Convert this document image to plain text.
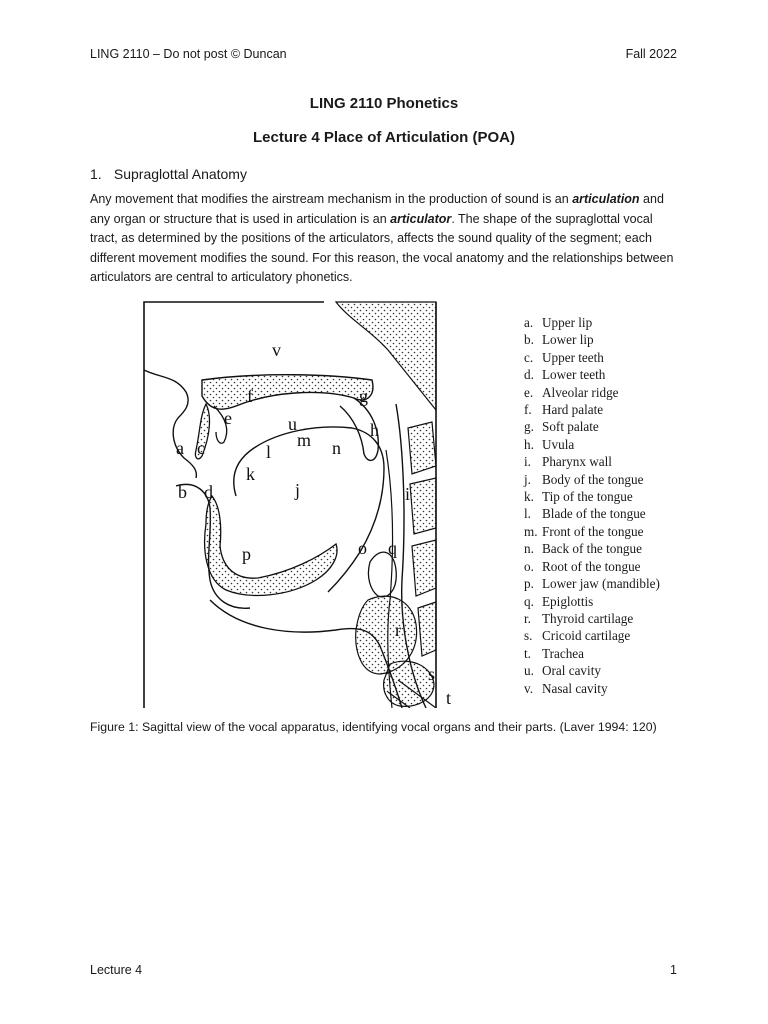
LING 2110 – Do not post © Duncan	Fall 2022
LING 2110 Phonetics
Lecture 4 Place of Articulation (POA)
1. Supraglottal Anatomy
Any movement that modifies the airstream mechanism in the production of sound is an articulation and any organ or structure that is used in articulation is an articulator. The shape of the supraglottal vocal tract, as determined by the positions of the articulators, affects the sound quality of the segment; each different movement modifies the sound. For this reason, the vocal anatomy and the relationships between articulators are central to articulatory phonetics.
v
f	g
e	u	h
m
a c	l	n
k
b d	j	i
p	o q
r
s
t
a. Upper lip
b. Lower lip
c. Upper teeth
d. Lower teeth
e. Alveolar ridge
f. Hard palate
g. Soft palate
h. Uvula
i. Pharynx wall
j. Body of the tongue
k. Tip of the tongue
l. Blade of the tongue
m. Front of the tongue
n. Back of the tongue
o. Root of the tongue
p. Lower jaw (mandible)
q. Epiglottis
r. Thyroid cartilage
s. Cricoid cartilage
t. Trachea
u. Oral cavity
v. Nasal cavity
Figure 1: Sagittal view of the vocal apparatus, identifying vocal organs and their parts. (Laver 1994: 120)
Lecture 4	1
